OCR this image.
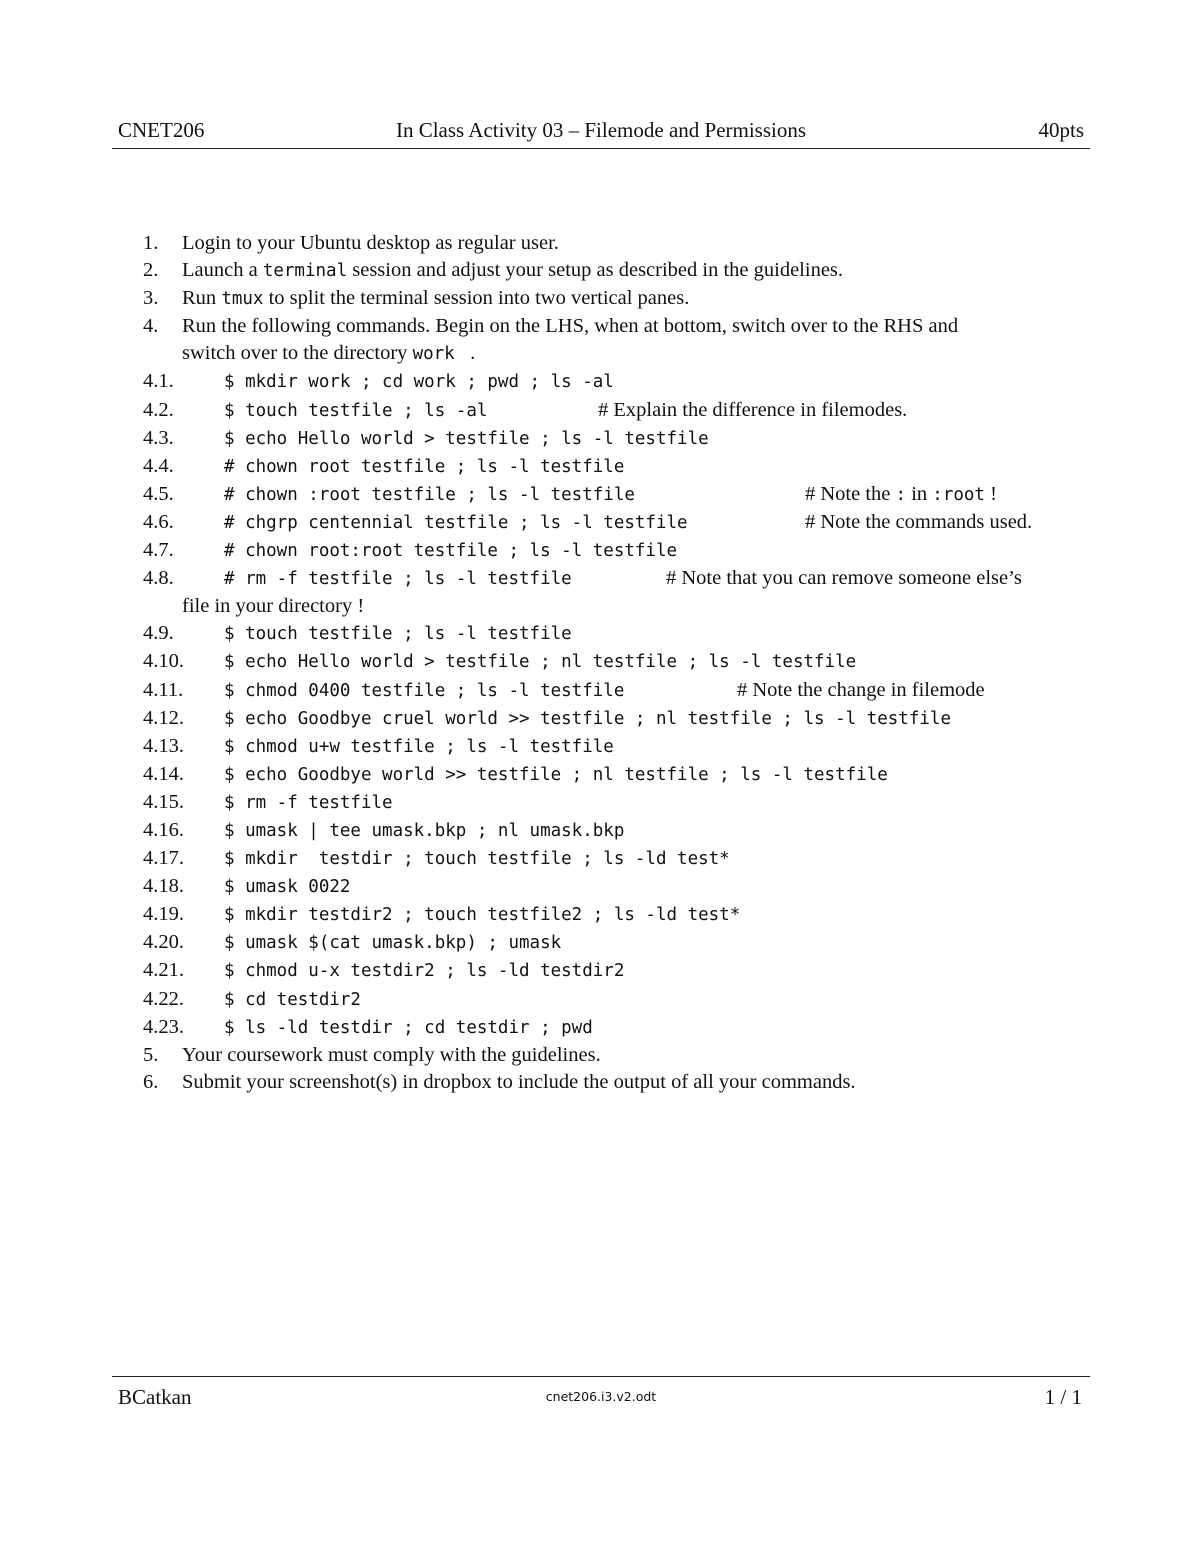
CNET206	In Class Activity 03 – Filemode and Permissions	40pts
1. Login to your Ubuntu desktop as regular user.
2. Launch a terminal session and adjust your setup as described in the guidelines.
3. Run tmux to split the terminal session into two vertical panes.
4. Run the following commands. Begin on the LHS, when at bottom, switch over to the RHS and
switch over to the directory work .
4.1.	$ mkdir work ; cd work ; pwd ; ls -al
4.2.	$ touch testfile ; ls -al	# Explain the difference in filemodes.
4.3.	$ echo Hello world > testfile ; ls -l testfile
4.4.	# chown root testfile ; ls -l testfile
4.5.	# chown :root testfile ; ls -l testfile	# Note the : in :root !
4.6.	# chgrp centennial testfile ; ls -l testfile	# Note the commands used.
4.7.	# chown root:root testfile ; ls -l testfile
4.8.	# rm -f testfile ; ls -l testfile	# Note that you can remove someone else’s
file in your directory !
4.9.	$ touch testfile ; ls -l testfile
4.10. $ echo Hello world > testfile ; nl testfile ; ls -l testfile
4.11. $ chmod 0400 testfile ; ls -l testfile	# Note the change in filemode
4.12. $ echo Goodbye cruel world >> testfile ; nl testfile ; ls -l testfile
4.13. $ chmod u+w testfile ; ls -l testfile
4.14. $ echo Goodbye world >> testfile ; nl testfile ; ls -l testfile
4.15. $ rm -f testfile
4.16. $ umask | tee umask.bkp ; nl umask.bkp
4.17. $ mkdir  testdir ; touch testfile ; ls -ld test*
4.18. $ umask 0022
4.19. $ mkdir testdir2 ; touch testfile2 ; ls -ld test*
4.20. $ umask $(cat umask.bkp) ; umask
4.21. $ chmod u-x testdir2 ; ls -ld testdir2
4.22. $ cd testdir2
4.23. $ ls -ld testdir ; cd testdir ; pwd
5. Your coursework must comply with the guidelines.
6. Submit your screenshot(s) in dropbox to include the output of all your commands.
BCatkan	cnet206.i3.v2.odt	1 / 1
